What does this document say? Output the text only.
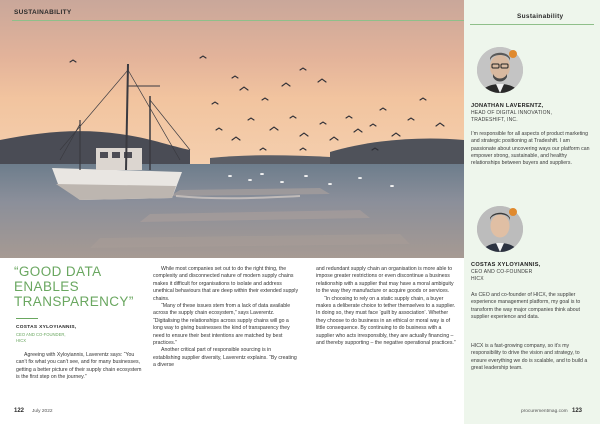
SUSTAINABILITY
Sustainability
JONATHAN LAVERENTZ,
HEAD OF DIGITAL INNOVATION,
TRADESHIFT, INC.
I’m responsible for all aspects of product marketing and strategic positioning at Tradeshift. I am passionate about uncovering ways our platform can empower strong, sustainable, and healthy relationships between buyers and suppliers.
COSTAS XYLOYIANNIS,
CEO AND CO-FOUNDER
HICX
As CEO and co-founder of HICX, the supplier experience management platform, my goal is to transform the way major companies think about supplier experience and data.
HICX is a fast-growing company, so it’s my responsibility to drive the vision and strategy, to ensure everything we do is scalable, and to build a great leadership team.
“GOOD DATA ENABLES TRANSPARENCY”
COSTAS XYLOYIANNIS,
CEO AND CO-FOUNDER,
HICX

Agreeing with Xyloyiannis, Laverentz says: “You can’t fix what you can’t see, and for many businesses, getting a better picture of their supply chain ecosystem is the first step on the journey.”

While most companies set out to do the right thing, the complexity and disconnected nature of modern supply chains makes it difficult for organisations to isolate and address unethical behaviours that are deep within their extended supply chains.

“Many of these issues stem from a lack of data available across the supply chain ecosystem,” says Laverentz. “Digitalising the relationships across supply chains will go a long way to giving businesses the kind of transparency they need to ensure their best intentions are matched by best practices.”

Another critical part of responsible sourcing is in establishing supplier diversity, Laverentz explains. “By creating a diverse

and redundant supply chain an organisation is more able to impose greater restrictions or even discontinue a business relationship with a supplier that may have a moral ambiguity to the way they manufacture or acquire goods or services.

“In choosing to rely on a static supply chain, a buyer makes a deliberate choice to tether themselves to a supplier. In doing so, they must face ‘guilt by association’. Whether they choose to do business in an ethical or moral way is of little consequence. By continuing to do business with a supplier who acts irresponsibly, they are actually financing – and thereby supporting – the negative operational practices.”

122 July 2022	procurementmag.com 123
